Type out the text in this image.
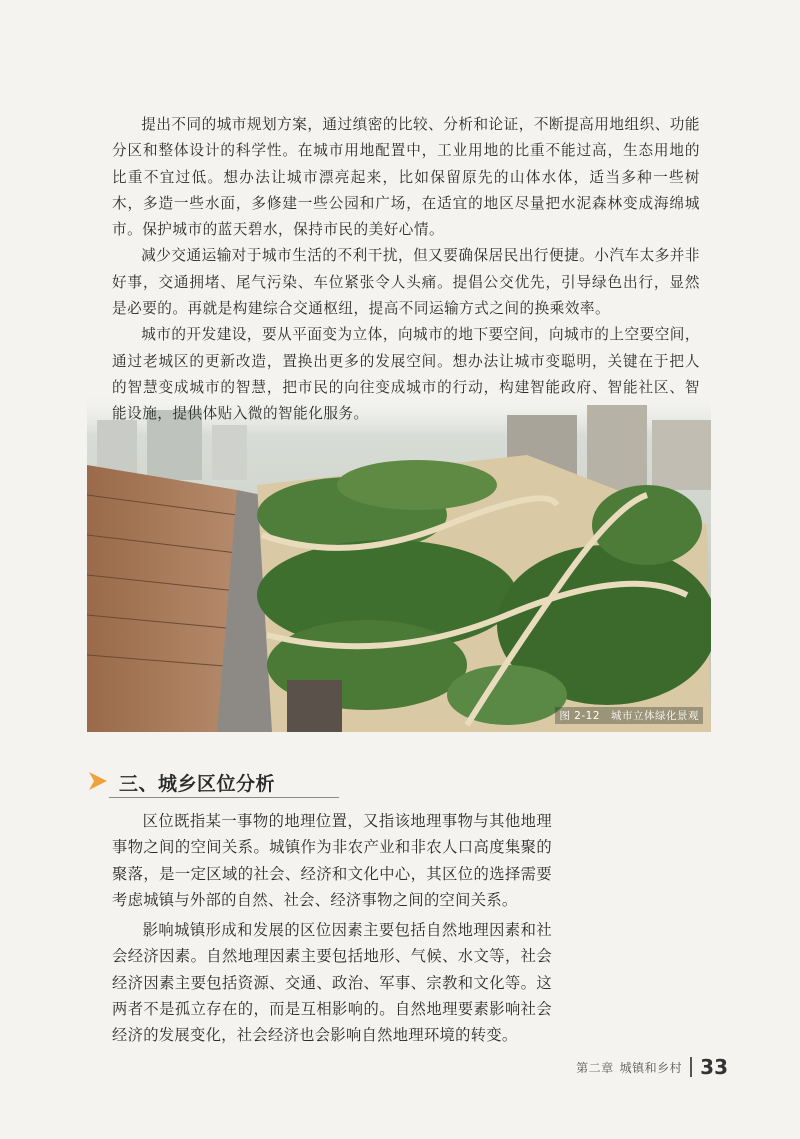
提出不同的城市规划方案，通过缜密的比较、分析和论证，不断提高用地组织、功能分区和整体设计的科学性。在城市用地配置中，工业用地的比重不能过高，生态用地的比重不宜过低。想办法让城市漂亮起来，比如保留原先的山体水体，适当多种一些树木，多造一些水面，多修建一些公园和广场，在适宜的地区尽量把水泥森林变成海绵城市。保护城市的蓝天碧水，保持市民的美好心情。

减少交通运输对于城市生活的不利干扰，但又要确保居民出行便捷。小汽车太多并非好事，交通拥堵、尾气污染、车位紧张令人头痛。提倡公交优先，引导绿色出行，显然是必要的。再就是构建综合交通枢纽，提高不同运输方式之间的换乘效率。

城市的开发建设，要从平面变为立体，向城市的地下要空间，向城市的上空要空间，通过老城区的更新改造，置换出更多的发展空间。想办法让城市变聪明，关键在于把人的智慧变成城市的智慧，把市民的向往变成城市的行动，构建智能政府、智能社区、智能设施，提供体贴入微的智能化服务。

图 2-12　城市立体绿化景观
三、城乡区位分析

区位既指某一事物的地理位置，又指该地理事物与其他地理事物之间的空间关系。城镇作为非农产业和非农人口高度集聚的聚落，是一定区域的社会、经济和文化中心，其区位的选择需要考虑城镇与外部的自然、社会、经济事物之间的空间关系。

影响城镇形成和发展的区位因素主要包括自然地理因素和社会经济因素。自然地理因素主要包括地形、气候、水文等，社会经济因素主要包括资源、交通、政治、军事、宗教和文化等。这两者不是孤立存在的，而是互相影响的。自然地理要素影响社会经济的发展变化，社会经济也会影响自然地理环境的转变。

第二章 城镇和乡村 33
